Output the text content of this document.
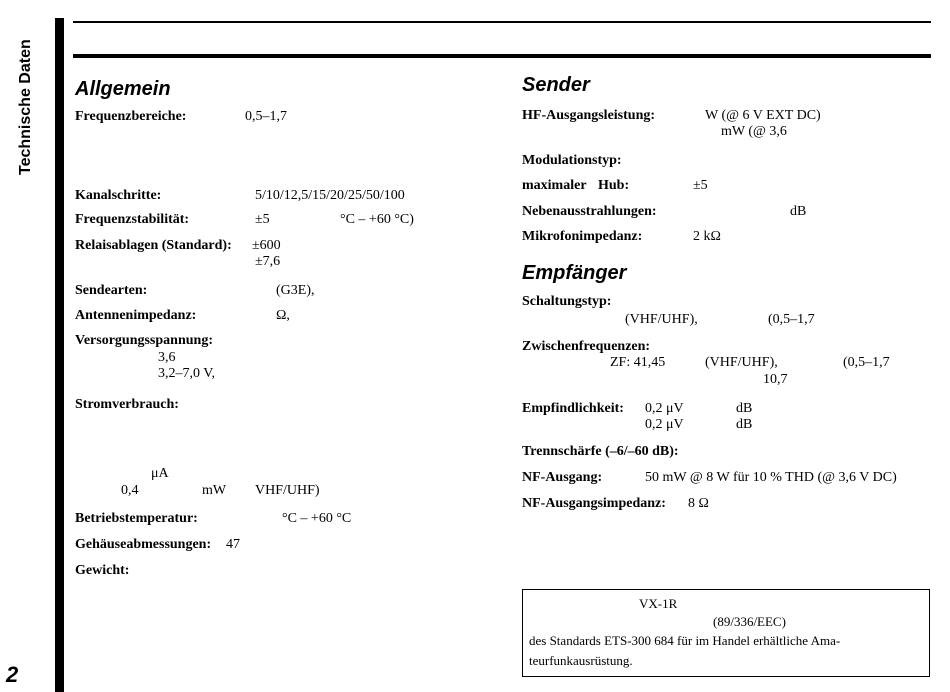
Technische Daten
2
Allgemein
Frequenzbereiche:	0,5–1,7
Kanalschritte:	5/10/12,5/15/20/25/50/100
Frequenzstabilität:	±5	°C – +60 °C)
Relaisablagen (Standard): ±600
±7,6
Sendearten:	(G3E),
Antennenimpedanz:	Ω,
Versorgungsspannung:
3,6
3,2–7,0 V,
Stromverbrauch:
μA
0,4	mW VHF/UHF)
Betriebstemperatur:	°C – +60 °C
Gehäuseabmessungen: 47
Gewicht:
Sender
HF-Ausgangsleistung:	W (@ 6 V EXT DC)
mW (@ 3,6
Modulationstyp:
maximaler Hub:	±5
Nebenausstrahlungen:	dB
Mikrofonimpedanz:	2 kΩ
Empfänger
Schaltungstyp:
(VHF/UHF),	(0,5–1,7
Zwischenfrequenzen:
ZF: 41,45	(VHF/UHF),	(0,5–1,7
10,7
Empfindlichkeit: 0,2 μV	dB
0,2 μV	dB
Trennschärfe (–6/–60 dB):
NF-Ausgang:	50 mW @ 8 W für 10 % THD (@ 3,6 V DC)
NF-Ausgangsimpedanz: 8 Ω
VX-1R
(89/336/EEC)
des Standards ETS-300 684 für im Handel erhältliche Ama-
teurfunkausrüstung.
